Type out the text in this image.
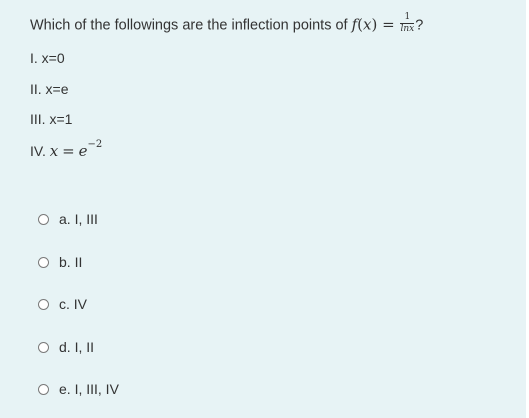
Which of the followings are the inflection points of $f(x) = \frac{1}{\ln x}$ ?
I. x=0
II. x=e
III. x=1
IV. $x = e^{-2}$
a. I, III
b. II
c. IV
d. I, II
e. I, III, IV
